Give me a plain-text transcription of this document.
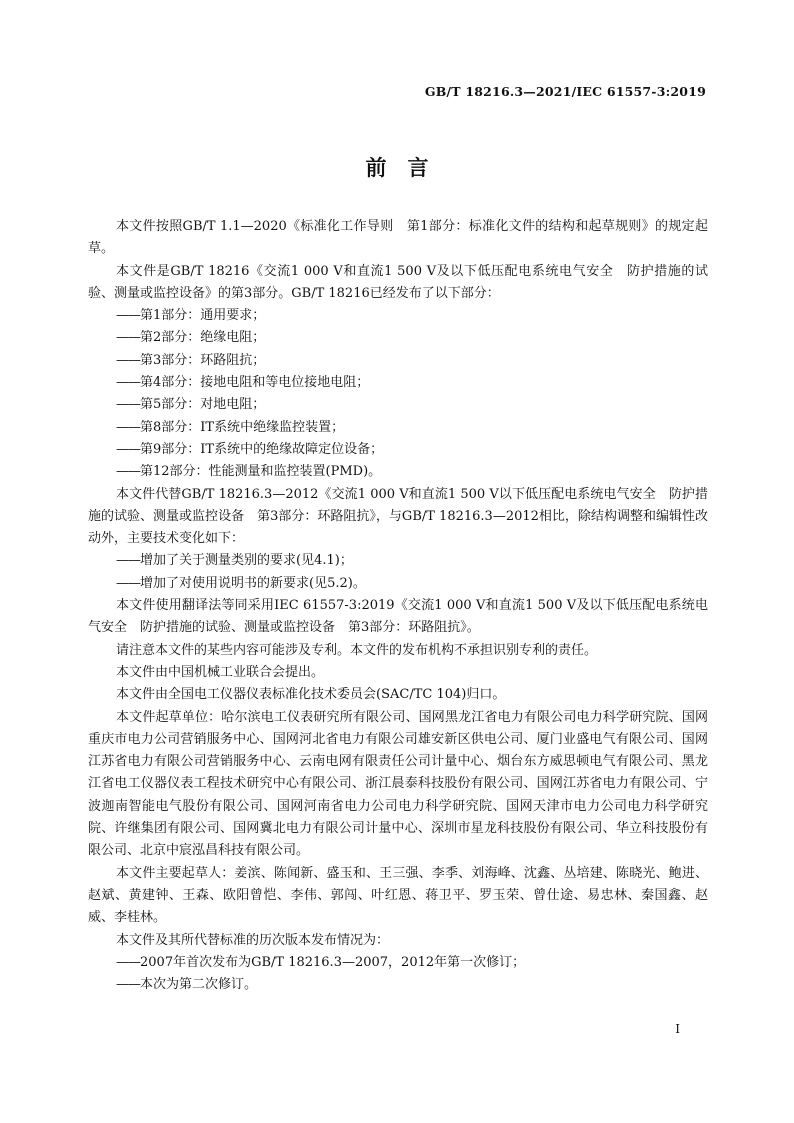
GB/T 18216.3—2021/IEC 61557-3:2019
前　言

本文件按照GB/T 1.1—2020《标准化工作导则　第1部分：标准化文件的结构和起草规则》的规定起草。

本文件是GB/T 18216《交流1 000 V和直流1 500 V及以下低压配电系统电气安全　防护措施的试验、测量或监控设备》的第3部分。GB/T 18216已经发布了以下部分：

——第1部分：通用要求；

——第2部分：绝缘电阻；

——第3部分：环路阻抗；

——第4部分：接地电阻和等电位接地电阻；

——第5部分：对地电阻；

——第8部分：IT系统中绝缘监控装置；

——第9部分：IT系统中的绝缘故障定位设备；

——第12部分：性能测量和监控装置(PMD)。

本文件代替GB/T 18216.3—2012《交流1 000 V和直流1 500 V以下低压配电系统电气安全　防护措施的试验、测量或监控设备　第3部分：环路阻抗》，与GB/T 18216.3—2012相比，除结构调整和编辑性改动外，主要技术变化如下：

——增加了关于测量类别的要求(见4.1)；

——增加了对使用说明书的新要求(见5.2)。

本文件使用翻译法等同采用IEC 61557-3:2019《交流1 000 V和直流1 500 V及以下低压配电系统电气安全　防护措施的试验、测量或监控设备　第3部分：环路阻抗》。

请注意本文件的某些内容可能涉及专利。本文件的发布机构不承担识别专利的责任。

本文件由中国机械工业联合会提出。

本文件由全国电工仪器仪表标准化技术委员会(SAC/TC 104)归口。

本文件起草单位：哈尔滨电工仪表研究所有限公司、国网黑龙江省电力有限公司电力科学研究院、国网重庆市电力公司营销服务中心、国网河北省电力有限公司雄安新区供电公司、厦门业盛电气有限公司、国网江苏省电力有限公司营销服务中心、云南电网有限责任公司计量中心、烟台东方威思顿电气有限公司、黑龙江省电工仪器仪表工程技术研究中心有限公司、浙江晨泰科技股份有限公司、国网江苏省电力有限公司、宁波迦南智能电气股份有限公司、国网河南省电力公司电力科学研究院、国网天津市电力公司电力科学研究院、许继集团有限公司、国网冀北电力有限公司计量中心、深圳市星龙科技股份有限公司、华立科技股份有限公司、北京中宸泓昌科技有限公司。

本文件主要起草人：姜滨、陈闻新、盛玉和、王三强、李季、刘海峰、沈鑫、丛培建、陈晓光、鲍进、赵斌、黄建钟、王森、欧阳曾恺、李伟、郭闯、叶红恩、蒋卫平、罗玉荣、曾仕途、易忠林、秦国鑫、赵威、李桂林。

本文件及其所代替标准的历次版本发布情况为：

——2007年首次发布为GB/T 18216.3—2007，2012年第一次修订；

——本次为第二次修订。

I
